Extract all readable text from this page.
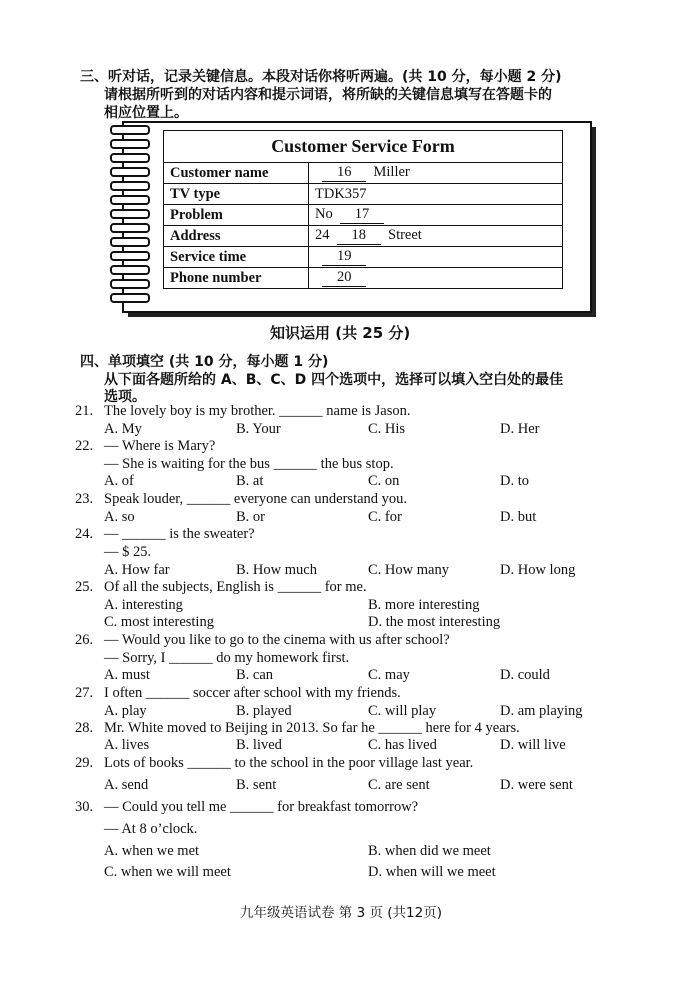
三、听对话，记录关键信息。本段对话你将听两遍。(共 10 分，每小题 2 分)
请根据所听到的对话内容和提示词语，将所缺的关键信息填写在答题卡的
相应位置上。
Customer Service Form	
Customer name	16 Miller
TV type	TDK357
Problem	No 17
Address	24 18 Street
Service time	19
Phone number	20
知识运用 (共 25 分)
四、单项填空 (共 10 分，每小题 1 分)
从下面各题所给的 A、B、C、D 四个选项中，选择可以填入空白处的最佳
选项。
21. The lovely boy is my brother. ______ name is Jason.
A. My	B. Your	C. His	D. Her
22. — Where is Mary?
— She is waiting for the bus ______ the bus stop.
A. of	B. at	C. on	D. to
23. Speak louder, ______ everyone can understand you.
A. so	B. or	C. for	D. but
24. — ______ is the sweater?
— $ 25.
A. How far	B. How much	C. How many	D. How long
25. Of all the subjects, English is ______ for me.
A. interesting	B. more interesting
C. most interesting	D. the most interesting
26. — Would you like to go to the cinema with us after school?
— Sorry, I ______ do my homework first.
A. must	B. can	C. may	D. could
27. I often ______ soccer after school with my friends.
A. play	B. played	C. will play	D. am playing
28. Mr. White moved to Beijing in 2013. So far he ______ here for 4 years.
A. lives	B. lived	C. has lived	D. will live
29. Lots of books ______ to the school in the poor village last year.
A. send	B. sent	C. are sent	D. were sent
30. — Could you tell me ______ for breakfast tomorrow?
— At 8 o’clock.
A. when we met	B. when did we meet
C. when we will meet	D. when will we meet
九年级英语试卷 第 3 页 (共12页)
